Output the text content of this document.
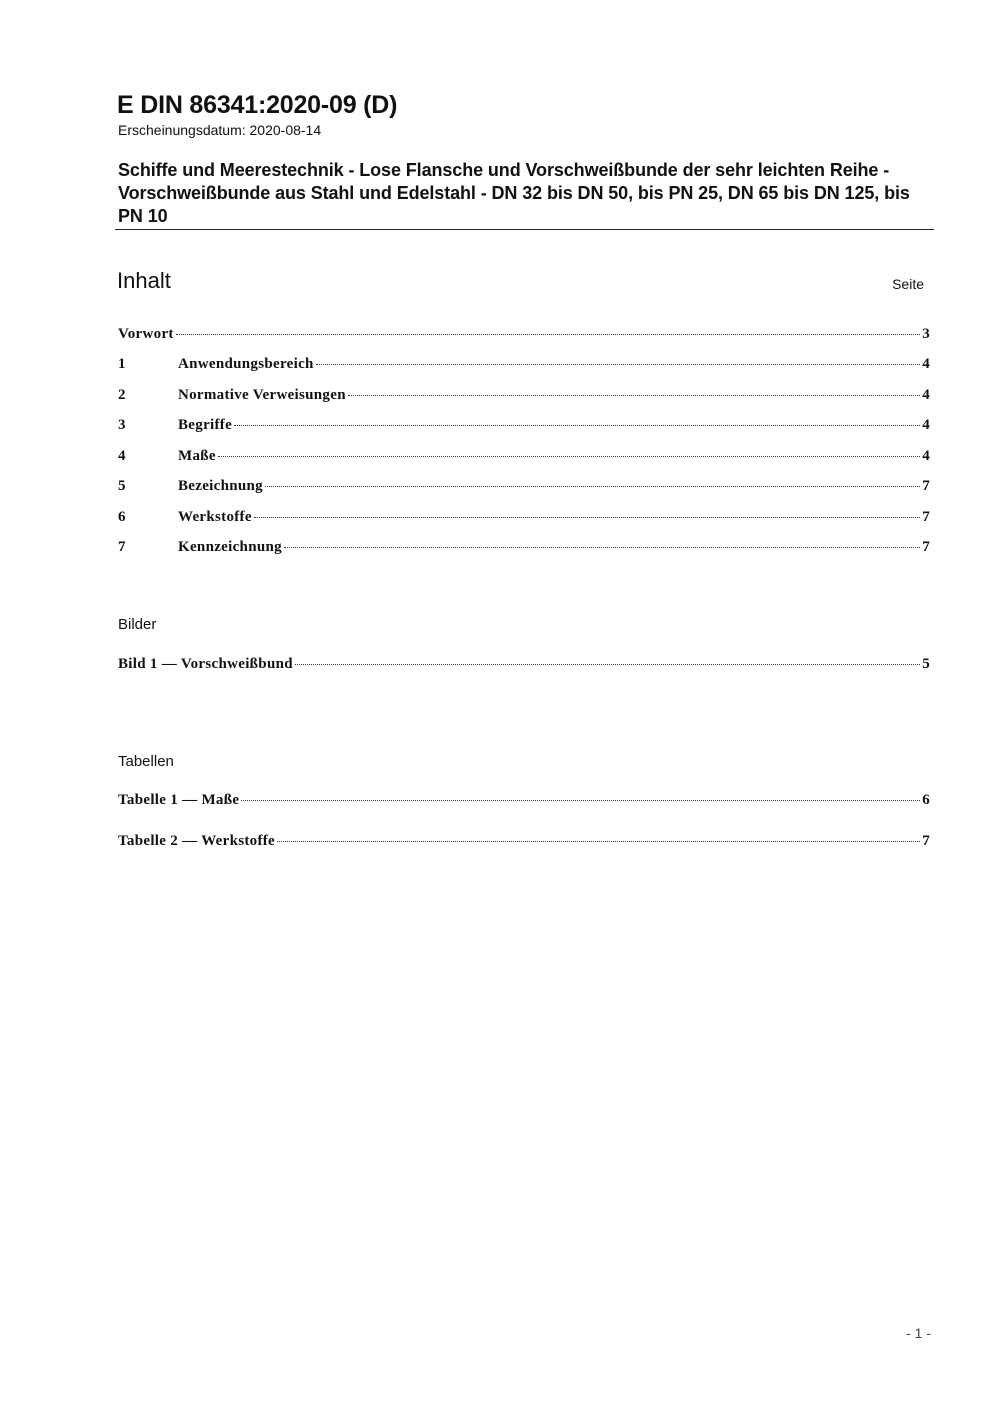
E DIN 86341:2020-09 (D)
Erscheinungsdatum: 2020-08-14
Schiffe und Meerestechnik - Lose Flansche und Vorschweißbunde der sehr leichten Reihe - Vorschweißbunde aus Stahl und Edelstahl - DN 32 bis DN 50, bis PN 25, DN 65 bis DN 125, bis PN 10
Inhalt	Seite
Vorwort	3
1	Anwendungsbereich	4
2	Normative Verweisungen	4
3	Begriffe	4
4	Maße	4
5	Bezeichnung	7
6	Werkstoffe	7
7	Kennzeichnung	7
Bilder
Bild 1 — Vorschweißbund	5
Tabellen
Tabelle 1 — Maße	6
Tabelle 2 — Werkstoffe	7
- 1 -
